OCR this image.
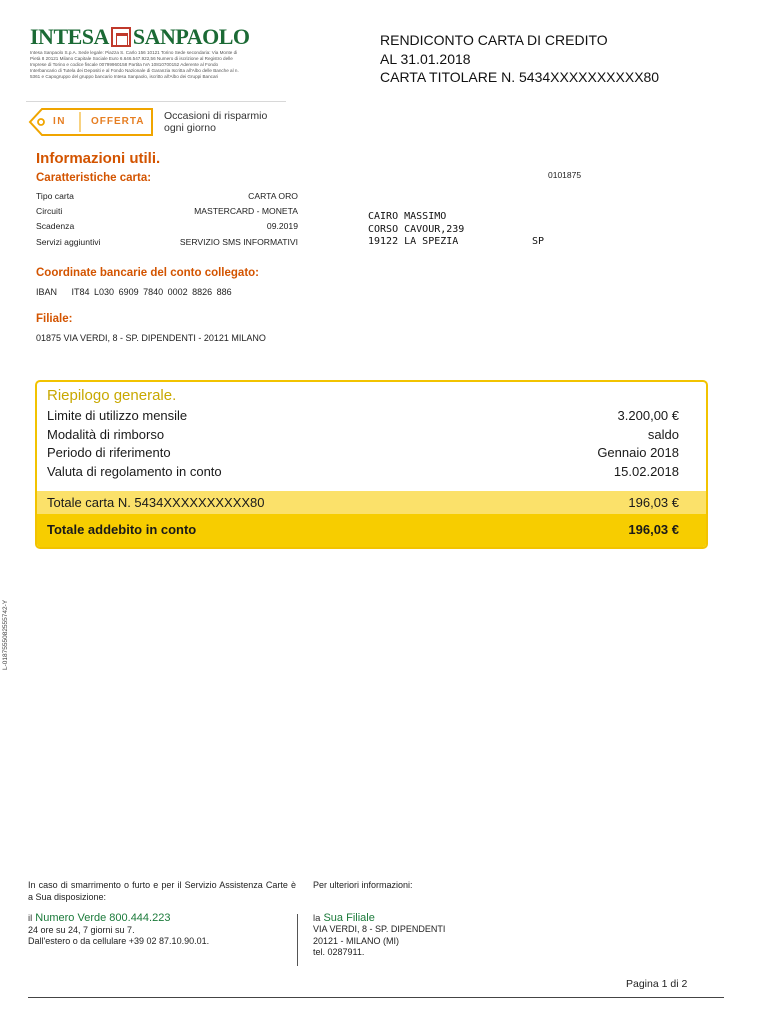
INTESA SANPAOLO
Intesa Sanpaolo S.p.A. Sede legale: Piazza S. Carlo 156 10121 Torino Sede secondaria: Via Monte di Pietà 8 20121 Milano Capitale Sociale Euro 6.646.547.922,56 Numero di iscrizione al Registro delle Imprese di Torino e codice fiscale 00799960158 Partita IVA 10810700152 Aderente al Fondo Interbancario di Tutela dei Depositi e al Fondo Nazionale di Garanzia Iscritta all'Albo delle Banche al n. 5361 e Capogruppo del gruppo bancario Intesa Sanpaolo, iscritto all'Albo dei Gruppi Bancari
IN	OFFERTA Occasioni di risparmio
ogni giorno
RENDICONTO CARTA DI CREDITO
AL 31.01.2018
CARTA TITOLARE N. 5434XXXXXXXXXX80
Informazioni utili.
Caratteristiche carta:
Tipo carta	CARTA ORO
Circuiti	MASTERCARD - MONETA
Scadenza	09.2019
Servizi aggiuntivi	SERVIZIO SMS INFORMATIVI
Coordinate bancarie del conto collegato:
IBAN IT84 L030 6909 7840 0002 8826 886
Filiale:
01875 VIA VERDI, 8 - SP. DIPENDENTI - 20121 MILANO
0101875
CAIRO MASSIMO
CORSO CAVOUR,239
19122 LA SPEZIA	SP
Riepilogo generale.
Limite di utilizzo mensile	3.200,00 €
Modalità di rimborso	saldo
Periodo di riferimento	Gennaio 2018
Valuta di regolamento in conto	15.02.2018
Totale carta N. 5434XXXXXXXXXX80	196,03 €
Totale addebito in conto	196,03 €
L-0187555082555742-Y
In caso di smarrimento o furto e per il Servizio Assistenza Carte è a Sua disposizione:
il Numero Verde 800.444.223
24 ore su 24, 7 giorni su 7.
Dall'estero o da cellulare +39 02 87.10.90.01.
Per ulteriori informazioni:
la Sua Filiale
VIA VERDI, 8 - SP. DIPENDENTI
20121 - MILANO (MI)
tel. 0287911.
Pagina 1 di 2
